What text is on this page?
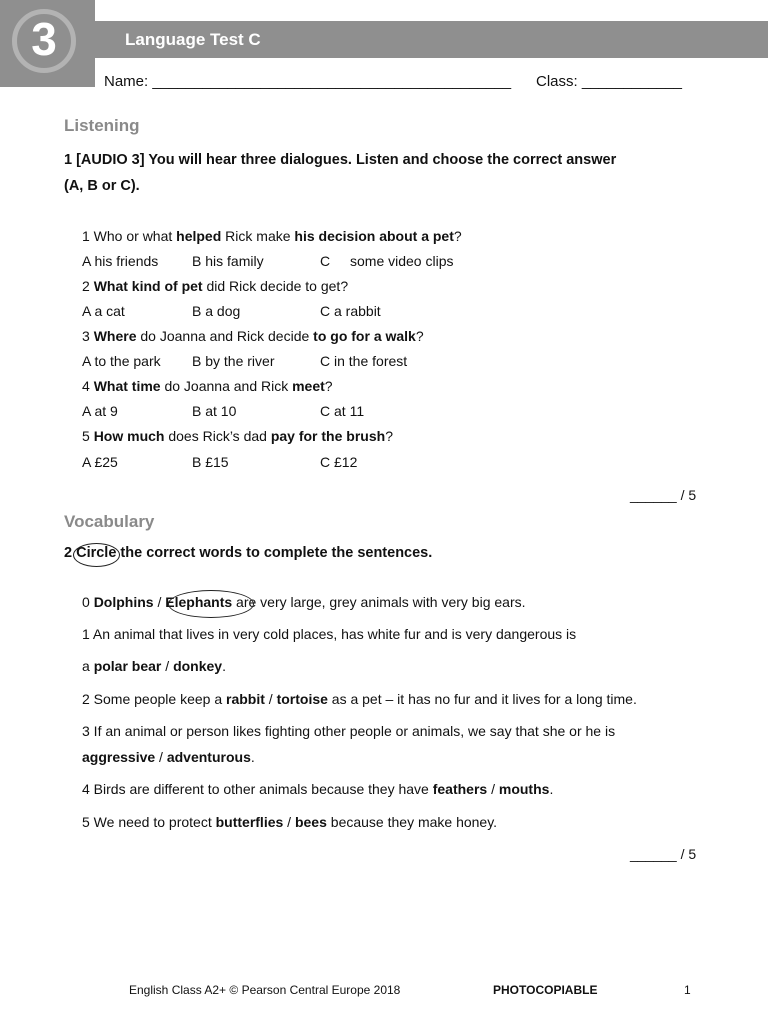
3	Language Test C
Name: ___________________________________________ Class: ____________
Listening
1 [AUDIO 3] You will hear three dialogues. Listen and choose the correct answer
(A, B or C).
1 Who or what helped Rick make his decision about a pet?
A his friends B his family	C some video clips
2 What kind of pet did Rick decide to get?
A a cat	B a dog	C a rabbit
3 Where do Joanna and Rick decide to go for a walk?
A to the park B by the river	C in the forest
4 What time do Joanna and Rick meet?
A at 9	B at 10	C at 11
5 How much does Rick’s dad pay for the brush?
A £25	B £15	C £12
______ / 5
Vocabulary
2 Circle the correct words to complete the sentences.
0 Dolphins / Elephants are very large, grey animals with very big ears.
1 An animal that lives in very cold places, has white fur and is very dangerous is
a polar bear / donkey.
2 Some people keep a rabbit / tortoise as a pet – it has no fur and it lives for a long time.
3 If an animal or person likes fighting other people or animals, we say that she or he is
aggressive / adventurous.
4 Birds are different to other animals because they have feathers / mouths.
5 We need to protect butterflies / bees because they make honey.
______ / 5
English Class A2+ © Pearson Central Europe 2018	PHOTOCOPIABLE	1
